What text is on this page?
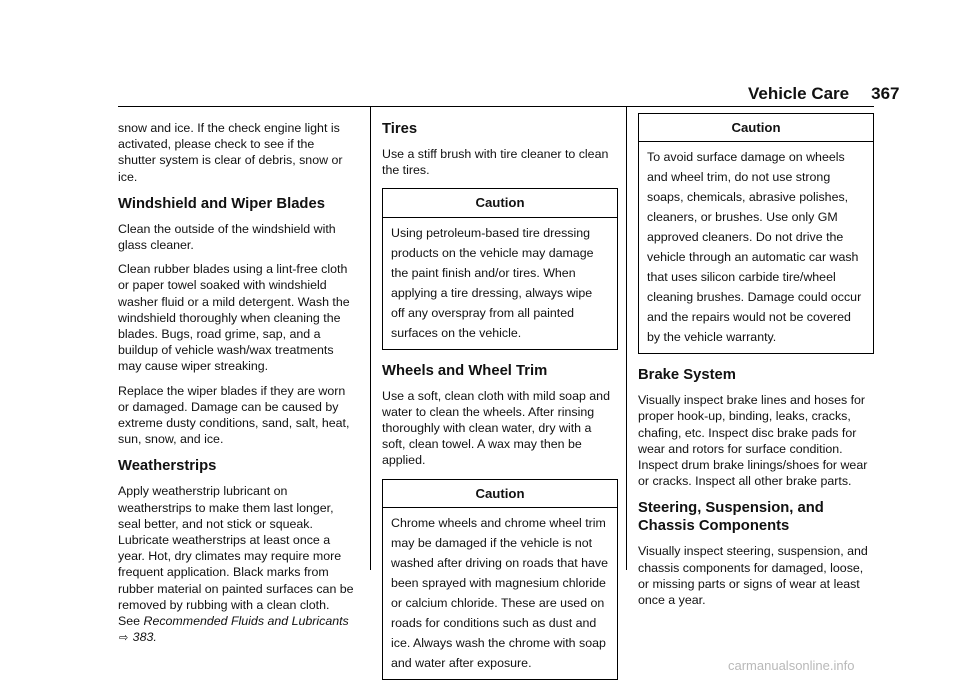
Vehicle Care 367

snow and ice. If the check engine light is activated, please check to see if the shutter system is clear of debris, snow or ice.

Windshield and Wiper Blades

Clean the outside of the windshield with glass cleaner.

Clean rubber blades using a lint-free cloth or paper towel soaked with windshield washer fluid or a mild detergent. Wash the windshield thoroughly when cleaning the blades. Bugs, road grime, sap, and a buildup of vehicle wash/wax treatments may cause wiper streaking.

Replace the wiper blades if they are worn or damaged. Damage can be caused by extreme dusty conditions, sand, salt, heat, sun, snow, and ice.

Weatherstrips

Apply weatherstrip lubricant on weatherstrips to make them last longer, seal better, and not stick or squeak. Lubricate weatherstrips at least once a year. Hot, dry climates may require more frequent application. Black marks from rubber material on painted surfaces can be removed by rubbing with a clean cloth. See Recommended Fluids and Lubricants ⇨ 383.

Tires

Use a stiff brush with tire cleaner to clean the tires.

Caution
Using petroleum-based tire dressing products on the vehicle may damage the paint finish and/or tires. When applying a tire dressing, always wipe off any overspray from all painted surfaces on the vehicle.
Wheels and Wheel Trim

Use a soft, clean cloth with mild soap and water to clean the wheels. After rinsing thoroughly with clean water, dry with a soft, clean towel. A wax may then be applied.

Caution
Chrome wheels and chrome wheel trim may be damaged if the vehicle is not washed after driving on roads that have been sprayed with magnesium chloride or calcium chloride. These are used on roads for conditions such as dust and ice. Always wash the chrome with soap and water after exposure.
Caution
To avoid surface damage on wheels and wheel trim, do not use strong soaps, chemicals, abrasive polishes, cleaners, or brushes. Use only GM approved cleaners. Do not drive the vehicle through an automatic car wash that uses silicon carbide tire/wheel cleaning brushes. Damage could occur and the repairs would not be covered by the vehicle warranty.
Brake System

Visually inspect brake lines and hoses for proper hook-up, binding, leaks, cracks, chafing, etc. Inspect disc brake pads for wear and rotors for surface condition. Inspect drum brake linings/shoes for wear or cracks. Inspect all other brake parts.

Steering, Suspension, and Chassis Components

Visually inspect steering, suspension, and chassis components for damaged, loose, or missing parts or signs of wear at least once a year.

carmanualsonline.info
